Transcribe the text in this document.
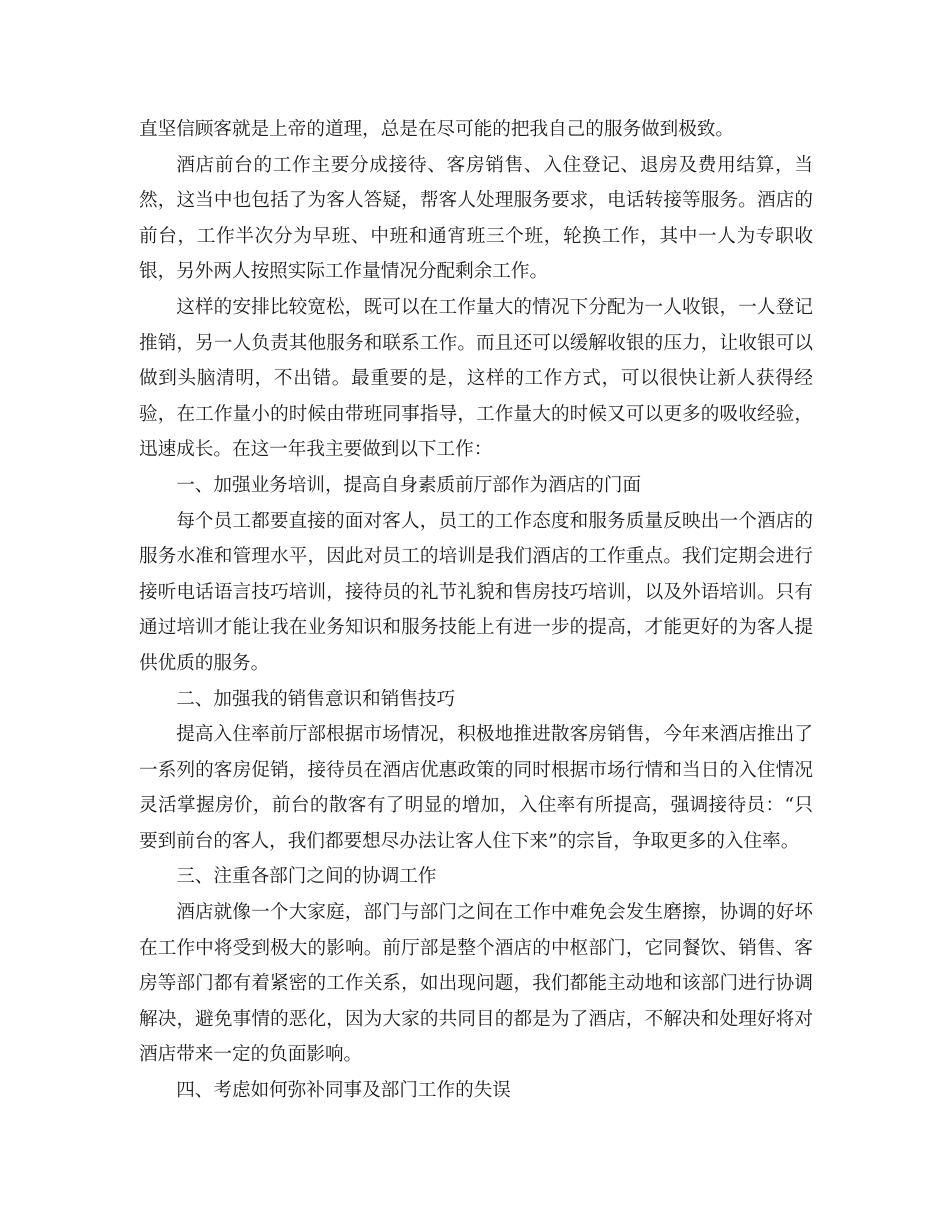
直坚信顾客就是上帝的道理，总是在尽可能的把我自己的服务做到极致。

酒店前台的工作主要分成接待、客房销售、入住登记、退房及费用结算，当然，这当中也包括了为客人答疑，帮客人处理服务要求，电话转接等服务。酒店的前台，工作半次分为早班、中班和通宵班三个班，轮换工作，其中一人为专职收银，另外两人按照实际工作量情况分配剩余工作。

这样的安排比较宽松，既可以在工作量大的情况下分配为一人收银，一人登记推销，另一人负责其他服务和联系工作。而且还可以缓解收银的压力，让收银可以做到头脑清明，不出错。最重要的是，这样的工作方式，可以很快让新人获得经验，在工作量小的时候由带班同事指导，工作量大的时候又可以更多的吸收经验，迅速成长。在这一年我主要做到以下工作：

一、加强业务培训，提高自身素质前厅部作为酒店的门面

每个员工都要直接的面对客人，员工的工作态度和服务质量反映出一个酒店的服务水准和管理水平，因此对员工的培训是我们酒店的工作重点。我们定期会进行接听电话语言技巧培训，接待员的礼节礼貌和售房技巧培训，以及外语培训。只有通过培训才能让我在业务知识和服务技能上有进一步的提高，才能更好的为客人提供优质的服务。

二、加强我的销售意识和销售技巧

提高入住率前厅部根据市场情况，积极地推进散客房销售，今年来酒店推出了一系列的客房促销，接待员在酒店优惠政策的同时根据市场行情和当日的入住情况灵活掌握房价，前台的散客有了明显的增加，入住率有所提高，强调接待员：“只要到前台的客人，我们都要想尽办法让客人住下来”的宗旨，争取更多的入住率。

三、注重各部门之间的协调工作

酒店就像一个大家庭，部门与部门之间在工作中难免会发生磨擦，协调的好坏在工作中将受到极大的影响。前厅部是整个酒店的中枢部门，它同餐饮、销售、客房等部门都有着紧密的工作关系，如出现问题，我们都能主动地和该部门进行协调解决，避免事情的恶化，因为大家的共同目的都是为了酒店，不解决和处理好将对酒店带来一定的负面影响。

四、考虑如何弥补同事及部门工作的失误
